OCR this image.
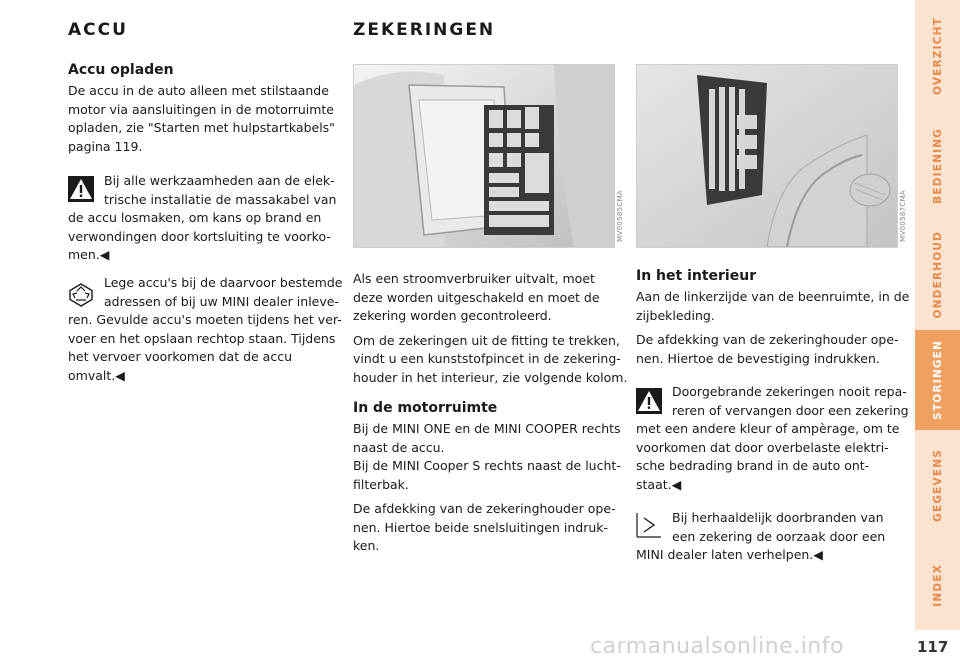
ACCU
Accu opladen

De accu in de auto alleen met stilstaande

motor via aansluitingen in de motorruimte

opladen, zie "Starten met hulpstartkabels"

pagina 119.

Bij alle werkzaamheden aan de elek-

trische installatie de massakabel van

de accu losmaken, om kans op brand en

verwondingen door kortsluiting te voorko-

men.◀

Lege accu's bij de daarvoor bestemde

adressen of bij uw MINI dealer inleve-

ren. Gevulde accu's moeten tijdens het ver-

voer en het opslaan rechtop staan. Tijdens

het vervoer voorkomen dat de accu

omvalt.◀

ZEKERINGEN
MV00585CMA

Als een stroomverbruiker uitvalt, moet

deze worden uitgeschakeld en moet de

zekering worden gecontroleerd.

Om de zekeringen uit de fitting te trekken,

vindt u een kunststofpincet in de zekering-

houder in het interieur, zie volgende kolom.

In de motorruimte

Bij de MINI ONE en de MINI COOPER rechts

naast de accu.

Bij de MINI Cooper S rechts naast de lucht-

filterbak.

De afdekking van de zekeringhouder ope-

nen. Hiertoe beide snelsluitingen indruk-

ken.

MV00587CMA
In het interieur

Aan de linkerzijde van de beenruimte, in de

zijbekleding.

De afdekking van de zekeringhouder ope-

nen. Hiertoe de bevestiging indrukken.

Doorgebrande zekeringen nooit repa-

reren of vervangen door een zekering

met een andere kleur of ampèrage, om te

voorkomen dat door overbelaste elektri-

sche bedrading brand in de auto ont-

staat.◀

Bij herhaaldelijk doorbranden van

een zekering de oorzaak door een

MINI dealer laten verhelpen.◀

OVERZICHT
BEDIENING
ONDERHOUD
STORINGEN
GEGEVENS
INDEX
117
carmanualsonline.info
